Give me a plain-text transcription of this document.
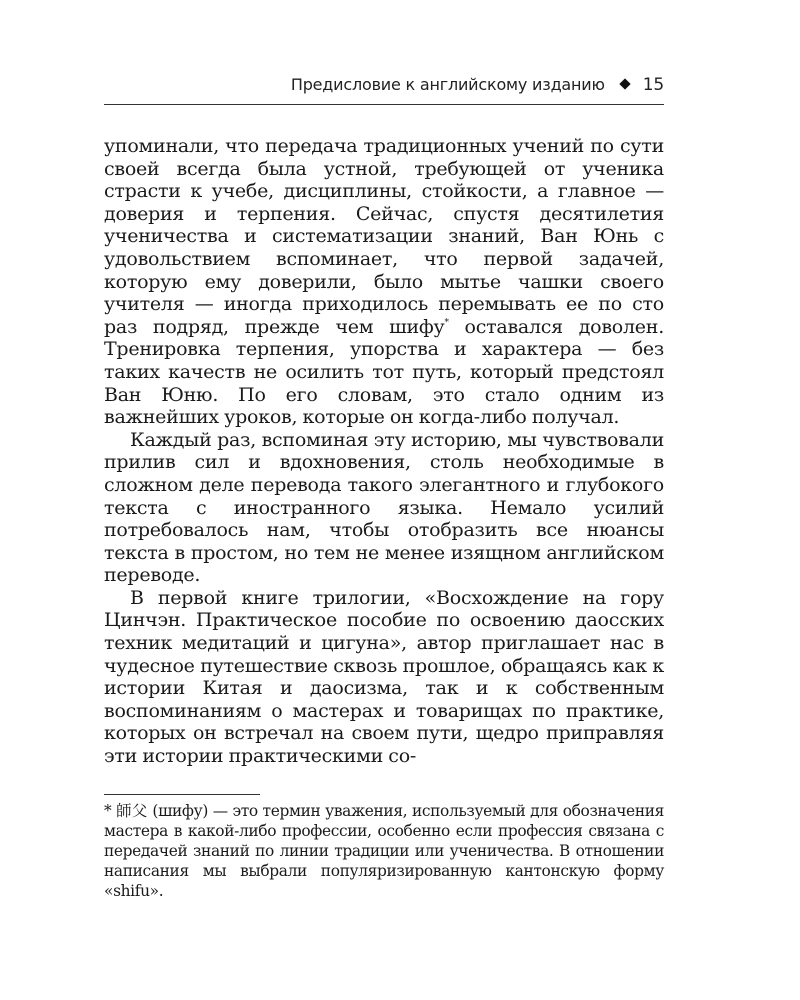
Предисловие к английскому изданию 15

упоминали, что передача традиционных учений по сути своей всегда была устной, требующей от ученика страсти к учебе, дисциплины, стойкости, а главное — доверия и терпения. Сейчас, спустя десятилетия ученичества и систематизации знаний, Ван Юнь с удовольствием вспоминает, что первой задачей, которую ему доверили, было мытье чашки своего учителя — иногда приходилось перемывать ее по сто раз подряд, прежде чем шифу* оставался доволен. Тренировка терпения, упорства и характера — без таких качеств не осилить тот путь, который предстоял Ван Юню. По его словам, это стало одним из важнейших уроков, которые он когда-либо получал.

Каждый раз, вспоминая эту историю, мы чувствовали прилив сил и вдохновения, столь необходимые в сложном деле перевода такого элегантного и глубокого текста с иностранного языка. Немало усилий потребовалось нам, чтобы отобразить все нюансы текста в простом, но тем не менее изящном английском переводе.

В первой книге трилогии, «Восхождение на гору Цинчэн. Практическое пособие по освоению даосских техник медитаций и цигуна», автор приглашает нас в чудесное путешествие сквозь прошлое, обращаясь как к истории Китая и даосизма, так и к собственным воспоминаниям о мастерах и товарищах по практике, которых он встречал на своем пути, щедро приправляя эти истории практическими со-

* 師父 (шифу) — это термин уважения, используемый для обозначения мастера в какой-либо профессии, особенно если профессия связана с передачей знаний по линии традиции или ученичества. В отношении написания мы выбрали популяризированную кантонскую форму «shifu».
